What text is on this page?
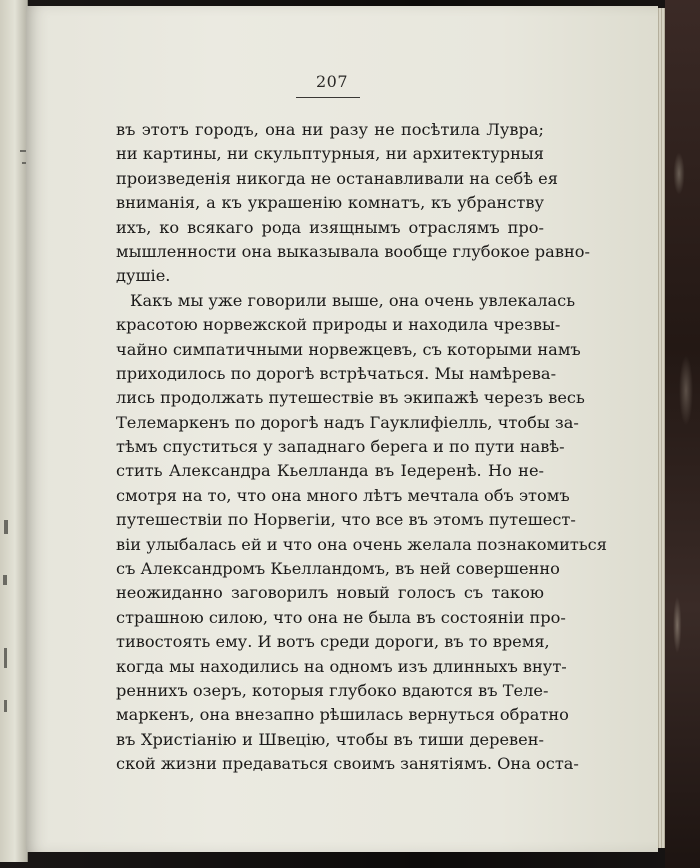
207
въ этотъ городъ, она ни разу не посѣтила Лувра;
ни картины, ни скульптурныя, ни архитектурныя
произведенія никогда не останавливали на себѣ ея
вниманія, а къ украшенію комнатъ, къ убранству
ихъ, ко всякаго рода изящнымъ отраслямъ про-
мышленности она выказывала вообще глубокое равно-
душіе.
Какъ мы уже говорили выше, она очень увлекалась
красотою норвежской природы и находила чрезвы-
чайно симпатичными норвежцевъ, съ которыми намъ
приходилось по дорогѣ встрѣчаться. Мы намѣрева-
лись продолжать путешествіе въ экипажѣ черезъ весь
Телемаркенъ по дорогѣ надъ Гауклифіелль, чтобы за-
тѣмъ спуститься у западнаго берега и по пути навѣ-
стить Александра Кьелланда въ Іедеренѣ. Но не-
смотря на то, что она много лѣтъ мечтала объ этомъ
путешествіи по Норвегіи, что все въ этомъ путешест-
віи улыбалась ей и что она очень желала познакомиться
съ Александромъ Кьелландомъ, въ ней совершенно
неожиданно заговорилъ новый голосъ съ такою
страшною силою, что она не была въ состояніи про-
тивостоять ему. И вотъ среди дороги, въ то время,
когда мы находились на одномъ изъ длинныхъ внут-
реннихъ озеръ, которыя глубоко вдаются въ Теле-
маркенъ, она внезапно рѣшилась вернуться обратно
въ Христіанію и Швецію, чтобы въ тиши деревен-
ской жизни предаваться своимъ занятіямъ. Она оста-
